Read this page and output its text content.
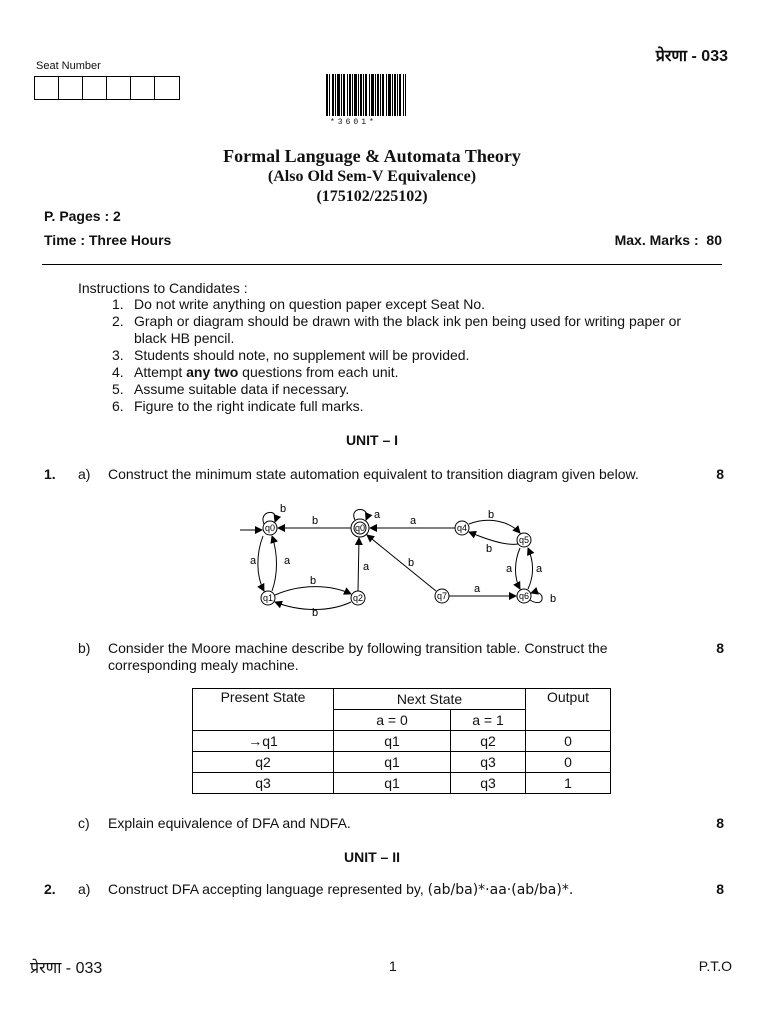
प्रेरणा - 033
Seat Number
*3601*
Formal Language & Automata Theory
(Also Old Sem-V Equivalence)
(175102/225102)
P. Pages : 2
Time : Three Hours	Max. Marks :  80
Instructions to Candidates :
1. Do not write anything on question paper except Seat No.
2. Graph or diagram should be drawn with the black ink pen being used for writing paper or black HB pencil.
3. Students should note, no supplement will be provided.
4. Attempt any two questions from each unit.
5. Assume suitable data if necessary.
6. Figure to the right indicate full marks.
UNIT – I
1. a) Construct the minimum state automation equivalent to transition diagram given below.	8
q0	q0	q4
q5
q6
q7
q1	q2
b
b	a	a	b
b
a a
b
a
b
a
a	a
b
b
b) Consider the Moore machine describe by following transition table. Construct the corresponding mealy machine.
8
Present State	Next State		Output
	a = 0	a = 1	
→q1	q1	q2	0
q2	q1	q3	0
q3	q1	q3	1
c) Explain equivalence of DFA and NDFA.	8
UNIT – II
2. a) Construct DFA accepting language represented by, (ab/ba)*·aa·(ab/ba)*.	8
प्रेरणा - 033	1	P.T.O
